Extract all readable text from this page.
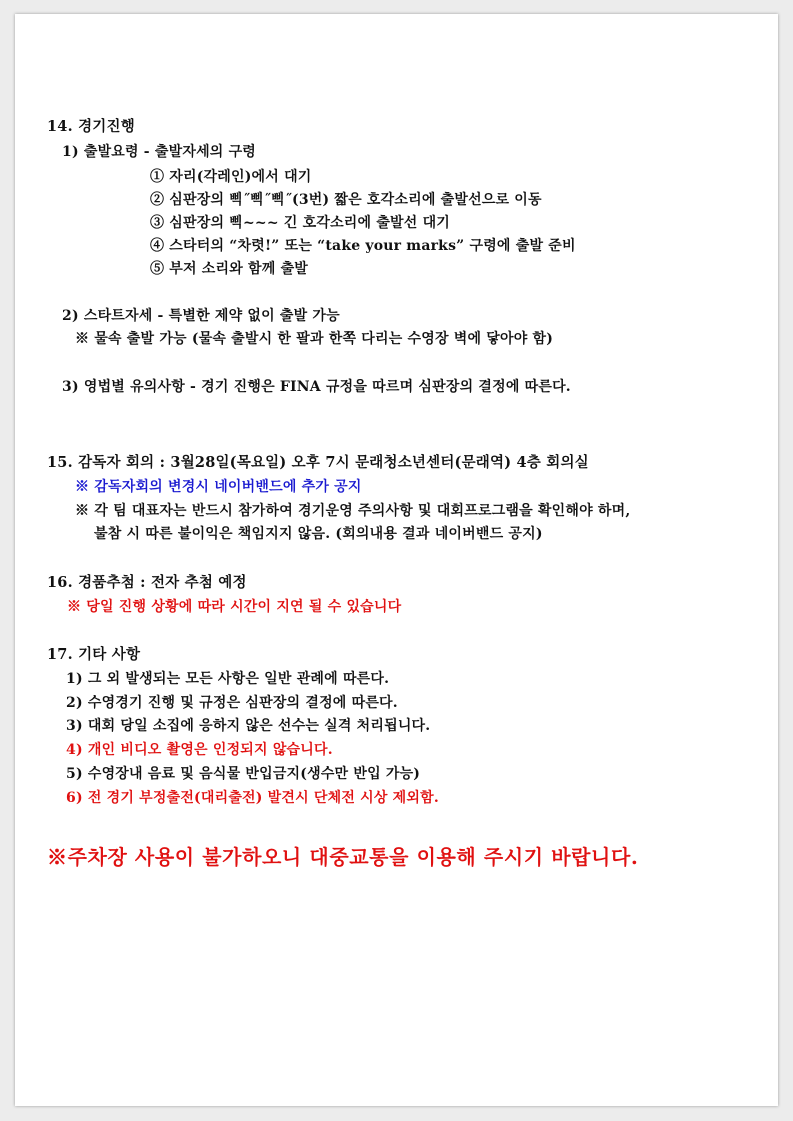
14. 경기진행
1) 출발요령 - 출발자세의 구령
① 자리(각레인)에서 대기
② 심판장의 삑˝삑˝삑˝(3번) 짧은 호각소리에 출발선으로 이동
③ 심판장의 삑~~~ 긴 호각소리에 출발선 대기
④ 스타터의 “차렷!” 또는 “take your marks” 구령에 출발 준비
⑤ 부저 소리와 함께 출발
2) 스타트자세 - 특별한 제약 없이 출발 가능
※ 물속 출발 가능 (물속 출발시 한 팔과 한쪽 다리는 수영장 벽에 닿아야 함)
3) 영법별 유의사항 - 경기 진행은 FINA 규정을 따르며 심판장의 결정에 따른다.
15. 감독자 회의 : 3월28일(목요일) 오후 7시 문래청소년센터(문래역) 4층 회의실
※ 감독자회의 변경시 네이버밴드에 추가 공지
※ 각 팀 대표자는 반드시 참가하여 경기운영 주의사항 및 대회프로그램을 확인해야 하며,
불참 시 따른 불이익은 책임지지 않음. (회의내용 결과 네이버밴드 공지)
16. 경품추첨 : 전자 추첨 예정
※ 당일 진행 상황에 따라 시간이 지연 될 수 있습니다
17. 기타 사항
1) 그 외 발생되는 모든 사항은 일반 관례에 따른다.
2) 수영경기 진행 및 규정은 심판장의 결정에 따른다.
3) 대회 당일 소집에 응하지 않은 선수는 실격 처리됩니다.
4) 개인 비디오 촬영은 인정되지 않습니다.
5) 수영장내 음료 및 음식물 반입금지(생수만 반입 가능)
6) 전 경기 부정출전(대리출전) 발견시 단체전 시상 제외함.
※주차장 사용이 불가하오니 대중교통을 이용해 주시기 바랍니다.
